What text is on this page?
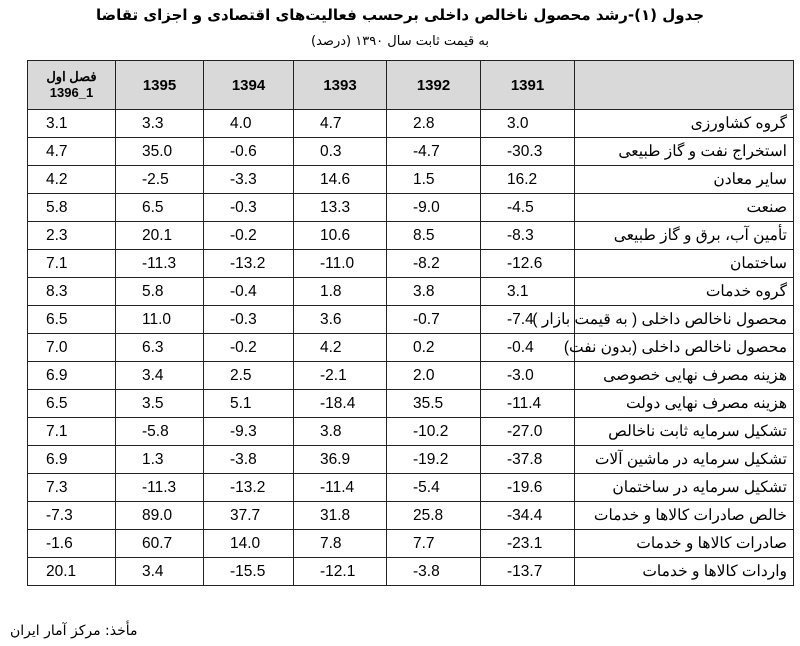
جدول (۱)-رشد محصول ناخالص داخلی برحسب فعالیت‌های اقتصادی و اجزای تقاضا
به قیمت ثابت سال ۱۳۹۰ (درصد)
فصل اول
1396_1	1395	1394	1393	1392	1391	
3.1	3.3	4.0	4.7	2.8	3.0	گروه کشاورزی
4.7	35.0	-0.6	0.3	-4.7	-30.3	استخراج نفت و گاز طبیعی
4.2	-2.5	-3.3	14.6	1.5	16.2	سایر معادن
5.8	6.5	-0.3	13.3	-9.0	-4.5	صنعت
2.3	20.1	-0.2	10.6	8.5	-8.3	تأمین آب، برق و گاز طبیعی
7.1	-11.3	-13.2	-11.0	-8.2	-12.6	ساختمان
8.3	5.8	-0.4	1.8	3.8	3.1	گروه خدمات
6.5	11.0	-0.3	3.6	-0.7	-7.4	محصول ناخالص داخلی ( به قیمت بازار )
7.0	6.3	-0.2	4.2	0.2	-0.4	محصول ناخالص داخلی (بدون نفت)
6.9	3.4	2.5	-2.1	2.0	-3.0	هزینه مصرف نهایی خصوصی
6.5	3.5	5.1	-18.4	35.5	-11.4	هزینه مصرف نهایی دولت
7.1	-5.8	-9.3	3.8	-10.2	-27.0	تشکیل سرمایه ثابت ناخالص
6.9	1.3	-3.8	36.9	-19.2	-37.8	تشکیل سرمایه در ماشین آلات
7.3	-11.3	-13.2	-11.4	-5.4	-19.6	تشکیل سرمایه در ساختمان
-7.3	89.0	37.7	31.8	25.8	-34.4	خالص صادرات کالاها و خدمات
-1.6	60.7	14.0	7.8	7.7	-23.1	صادرات کالاها و خدمات
20.1	3.4	-15.5	-12.1	-3.8	-13.7	واردات کالاها و خدمات
مأخذ: مرکز آمار ایران
